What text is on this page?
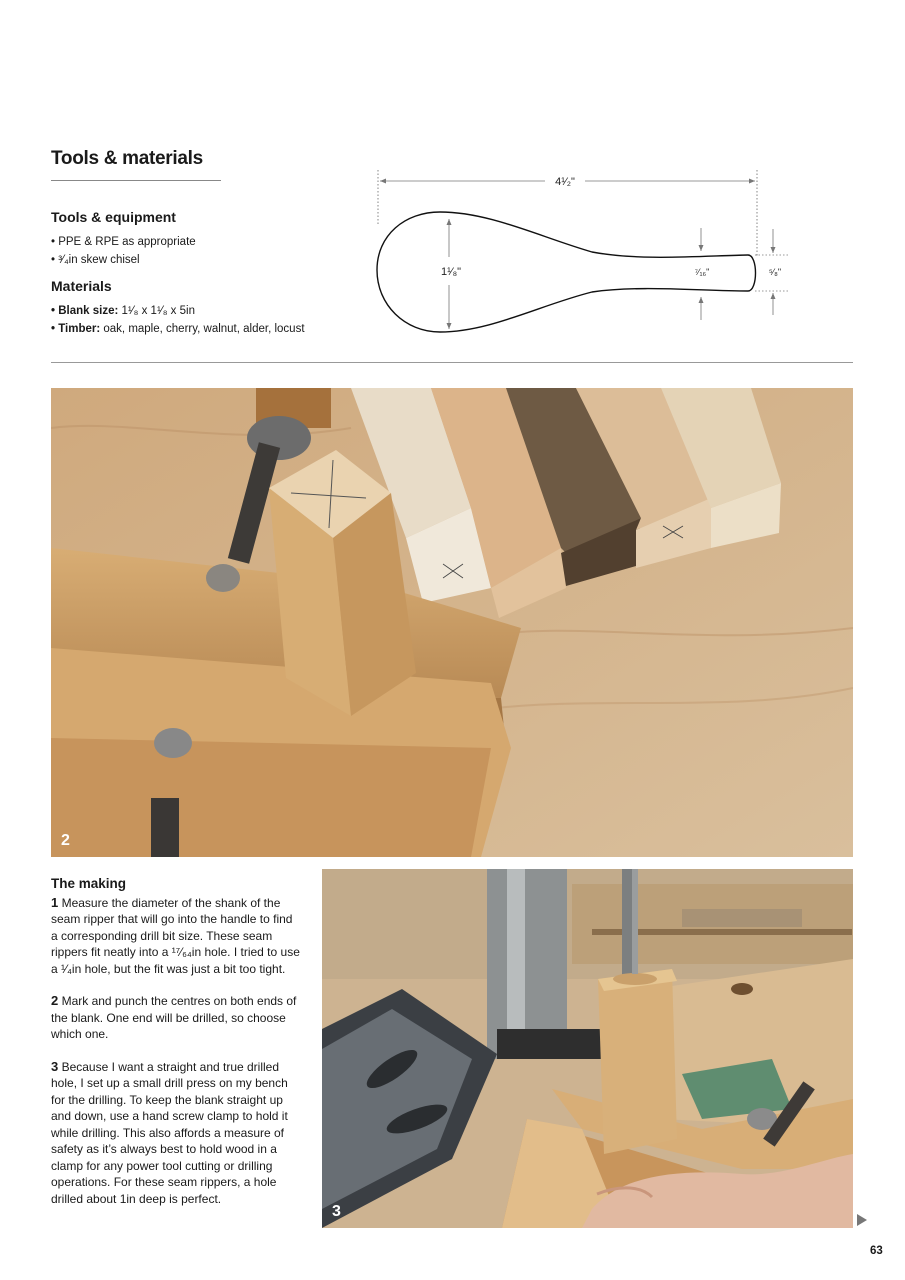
Tools & materials
Tools & equipment
• PPE & RPE as appropriate
• ³⁄₄in skew chisel
Materials
• Blank size: 1¹⁄₈ x 1¹⁄₈ x 5in
• Timber: oak, maple, cherry, walnut, alder, locust
4¹⁄₂"
1¹⁄₈"	⁷⁄₁₆"	⁵⁄₈"
2
The making

1 Measure the diameter of the shank of the seam ripper that will go into the handle to find a corresponding drill bit size. These seam rippers fit neatly into a ¹⁷⁄₆₄in hole. I tried to use a ¹⁄₄in hole, but the fit was just a bit too tight.

2 Mark and punch the centres on both ends of the blank. One end will be drilled, so choose which one.

3 Because I want a straight and true drilled hole, I set up a small drill press on my bench for the drilling. To keep the blank straight up and down, use a hand screw clamp to hold it while drilling. This also affords a measure of safety as it’s always best to hold wood in a clamp for any power tool cutting or drilling operations. For these seam rippers, a hole drilled about 1in deep is perfect.

3
63
